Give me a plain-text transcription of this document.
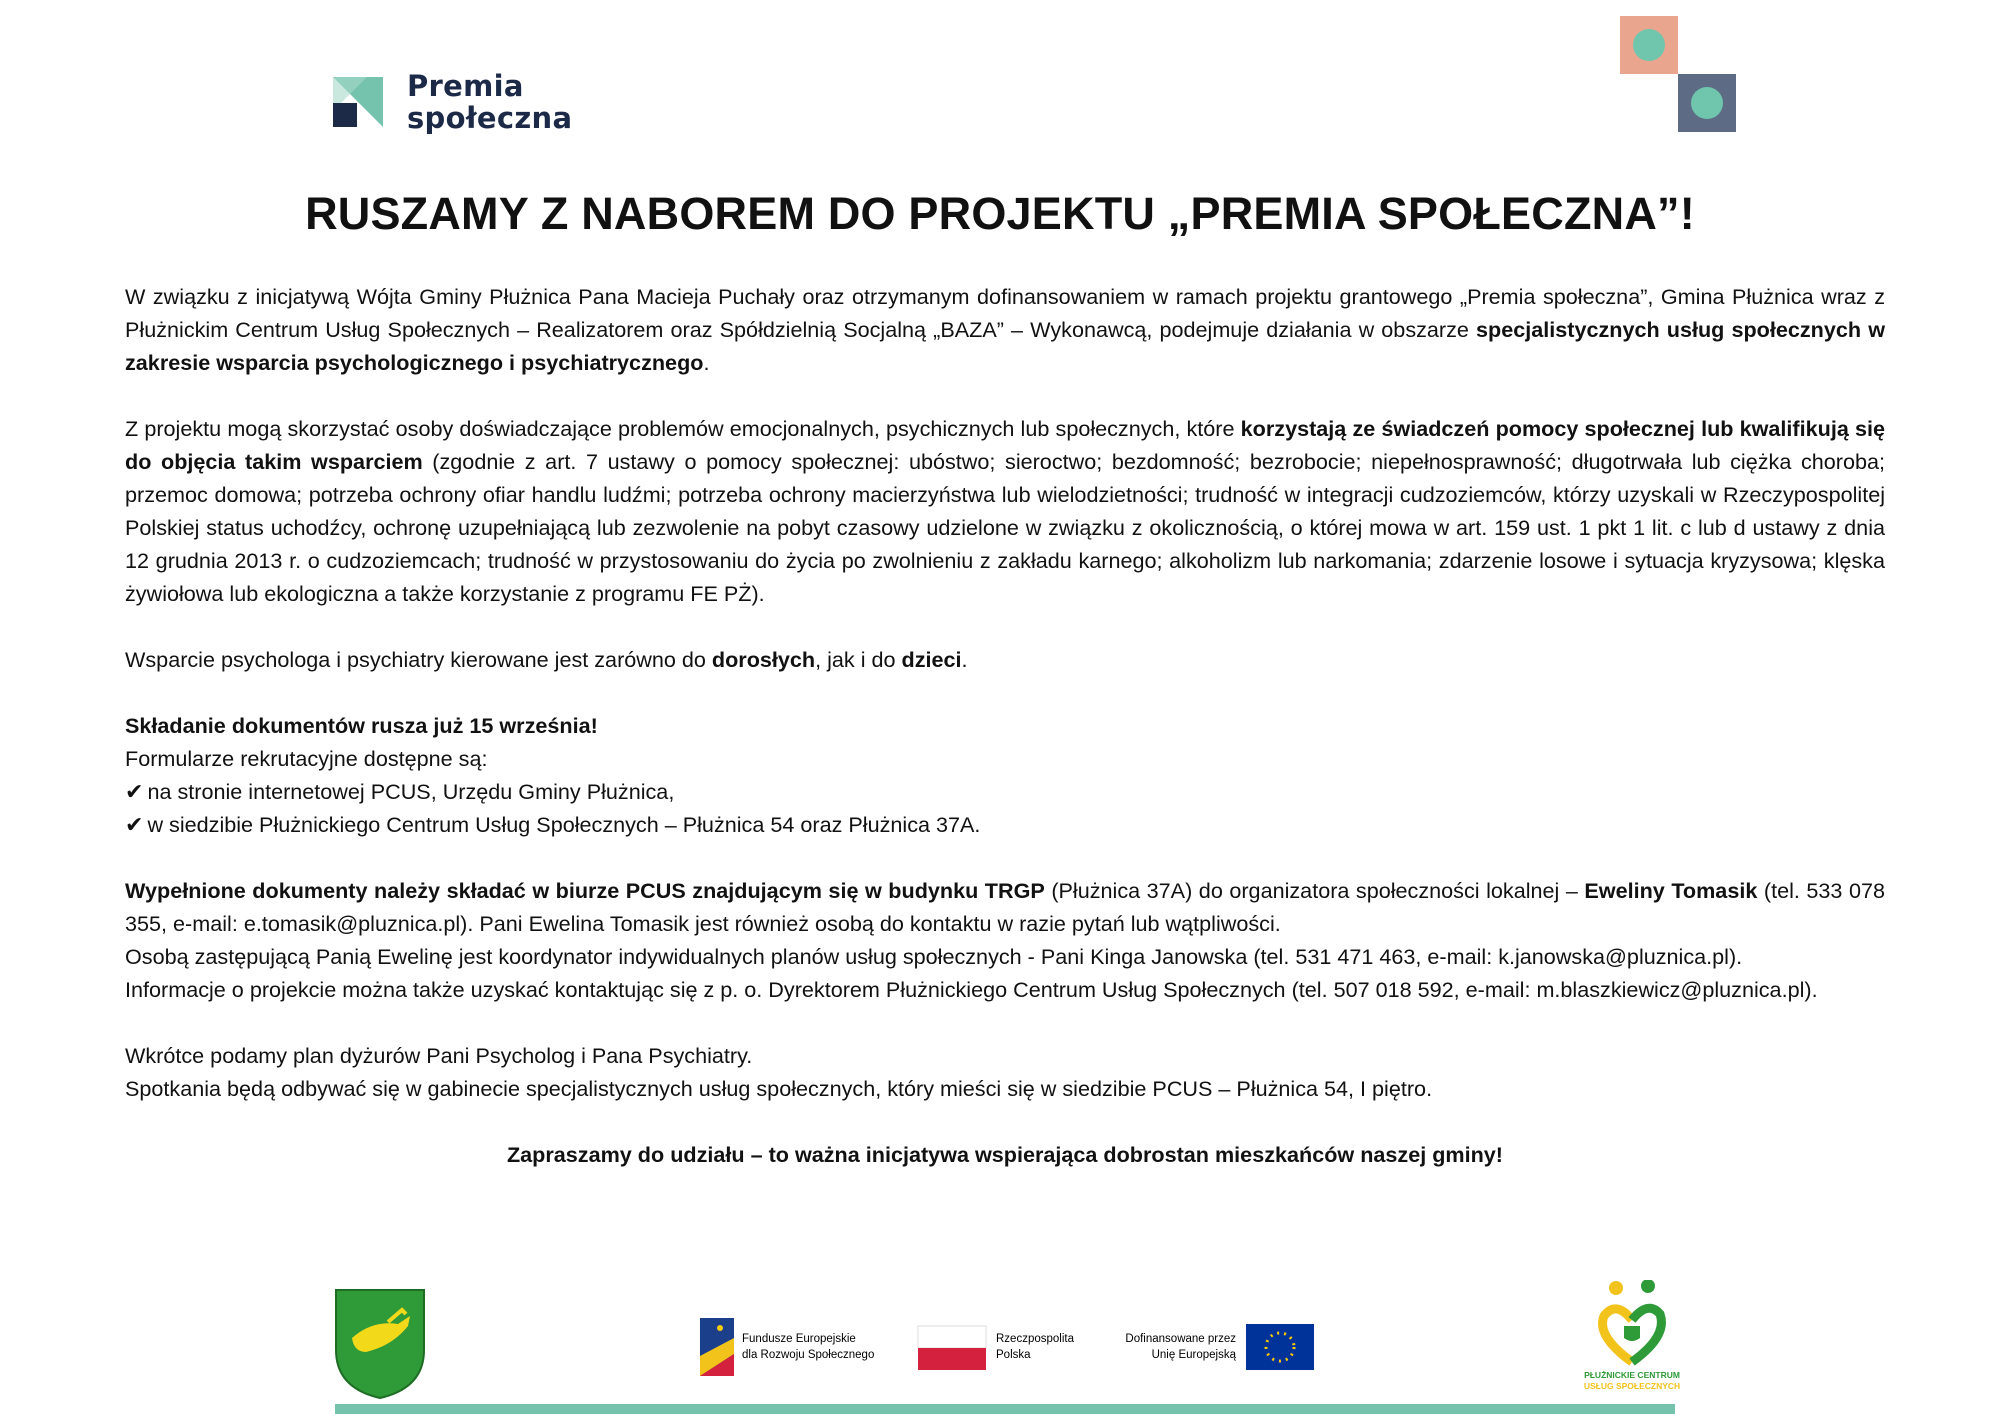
Premia
społeczna
RUSZAMY Z NABOREM DO PROJEKTU „PREMIA SPOŁECZNA”!

W związku z inicjatywą Wójta Gminy Płużnica Pana Macieja Puchały oraz otrzymanym dofinansowaniem w ramach projektu grantowego „Premia społeczna”, Gmina Płużnica wraz z Płużnickim Centrum Usług Społecznych – Realizatorem oraz Spółdzielnią Socjalną „BAZA” – Wykonawcą, podejmuje działania w obszarze specjalistycznych usług społecznych w zakresie wsparcia psychologicznego i psychiatrycznego.

Z projektu mogą skorzystać osoby doświadczające problemów emocjonalnych, psychicznych lub społecznych, które korzystają ze świadczeń pomocy społecznej lub kwalifikują się do objęcia takim wsparciem (zgodnie z art. 7 ustawy o pomocy społecznej: ubóstwo; sieroctwo; bezdomność; bezrobocie; niepełnosprawność; długotrwała lub ciężka choroba; przemoc domowa; potrzeba ochrony ofiar handlu ludźmi; potrzeba ochrony macierzyństwa lub wielodzietności; trudność w integracji cudzoziemców, którzy uzyskali w Rzeczypospolitej Polskiej status uchodźcy, ochronę uzupełniającą lub zezwolenie na pobyt czasowy udzielone w związku z okolicznością, o której mowa w art. 159 ust. 1 pkt 1 lit. c lub d ustawy z dnia 12 grudnia 2013 r. o cudzoziemcach; trudność w przystosowaniu do życia po zwolnieniu z zakładu karnego; alkoholizm lub narkomania; zdarzenie losowe i sytuacja kryzysowa; klęska żywiołowa lub ekologiczna a także korzystanie z programu FE PŻ).

Wsparcie psychologa i psychiatry kierowane jest zarówno do dorosłych, jak i do dzieci.

Składanie dokumentów rusza już 15 września!
Formularze rekrutacyjne dostępne są:
✔ na stronie internetowej PCUS, Urzędu Gminy Płużnica,
✔ w siedzibie Płużnickiego Centrum Usług Społecznych – Płużnica 54 oraz Płużnica 37A.

Wypełnione dokumenty należy składać w biurze PCUS znajdującym się w budynku TRGP (Płużnica 37A) do organizatora społeczności lokalnej – Eweliny Tomasik (tel. 533 078 355, e-mail: e.tomasik@pluznica.pl). Pani Ewelina Tomasik jest również osobą do kontaktu w razie pytań lub wątpliwości.
Osobą zastępującą Panią Ewelinę jest koordynator indywidualnych planów usług społecznych - Pani Kinga Janowska (tel. 531 471 463, e-mail: k.janowska@pluznica.pl).
Informacje o projekcie można także uzyskać kontaktując się z p. o. Dyrektorem Płużnickiego Centrum Usług Społecznych (tel. 507 018 592, e-mail: m.blaszkiewicz@pluznica.pl).

Wkrótce podamy plan dyżurów Pani Psycholog i Pana Psychiatry.
Spotkania będą odbywać się w gabinecie specjalistycznych usług społecznych, który mieści się w siedzibie PCUS – Płużnica 54, I piętro.

Zapraszamy do udziału – to ważna inicjatywa wspierająca dobrostan mieszkańców naszej gminy!

Fundusze Europejskie
dla Rozwoju Społecznego
Rzeczpospolita
Polska
Dofinansowane przez
Unię Europejską
PŁUŻNICKIE CENTRUM
USŁUG SPOŁECZNYCH
